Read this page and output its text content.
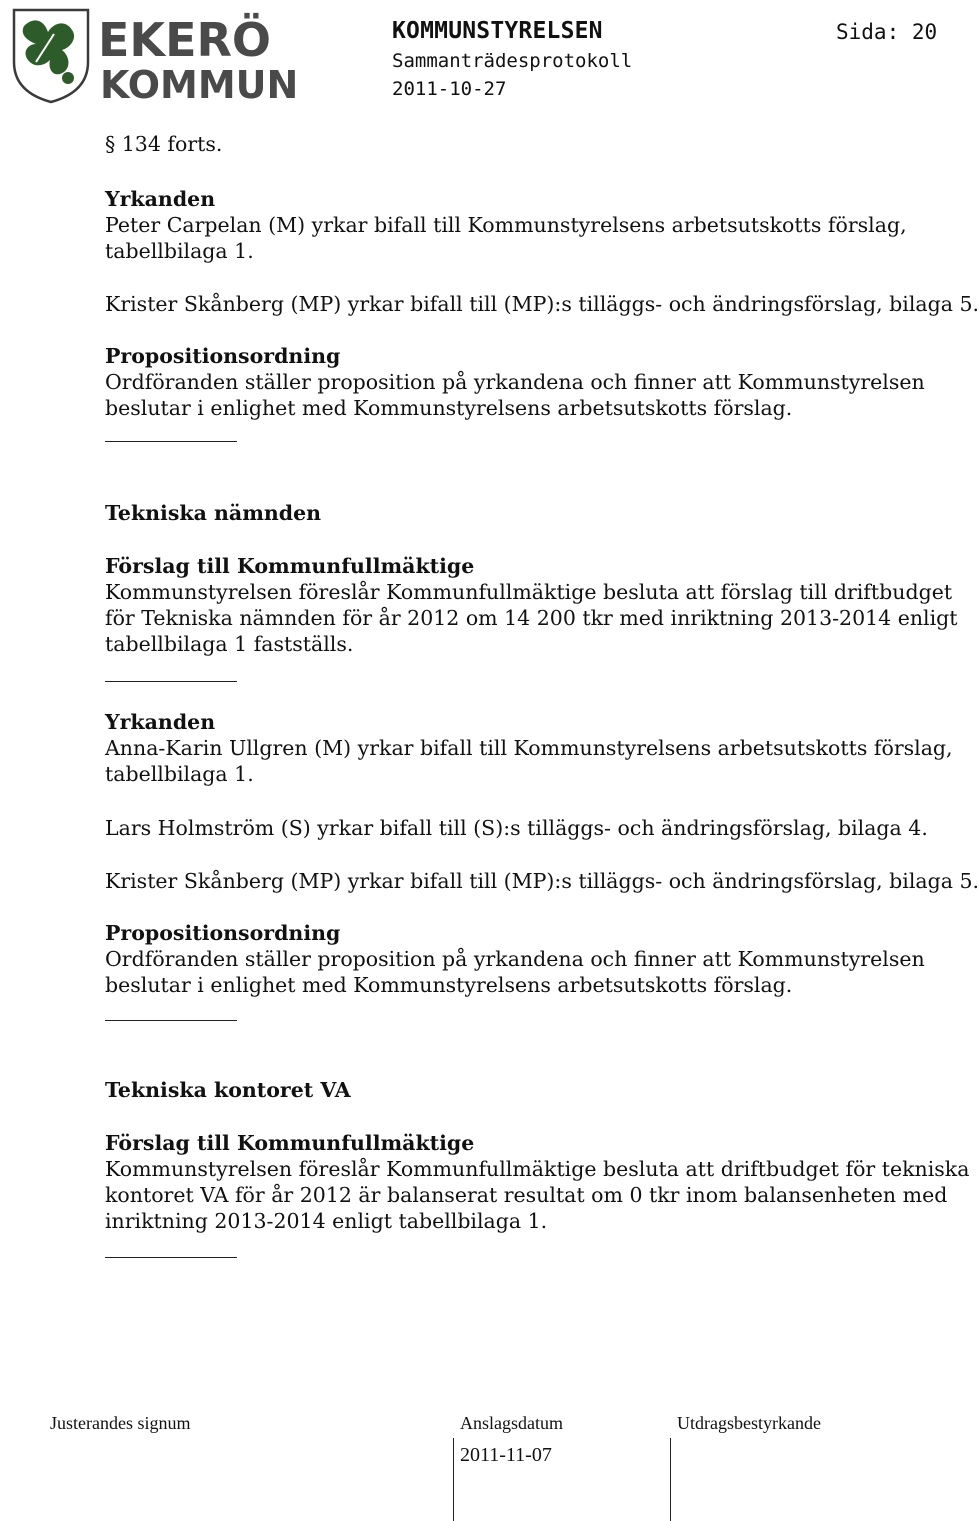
EKERÖ
KOMMUN
KOMMUNSTYRELSEN
Sammanträdesprotokoll
2011-10-27
Sida: 20
§ 134 forts.
Yrkanden
Peter Carpelan (M) yrkar bifall till Kommunstyrelsens arbetsutskotts förslag,
tabellbilaga 1.
Krister Skånberg (MP) yrkar bifall till (MP):s tilläggs- och ändringsförslag, bilaga 5.
Propositionsordning
Ordföranden ställer proposition på yrkandena och finner att Kommunstyrelsen
beslutar i enlighet med Kommunstyrelsens arbetsutskotts förslag.
Tekniska nämnden
Förslag till Kommunfullmäktige
Kommunstyrelsen föreslår Kommunfullmäktige besluta att förslag till driftbudget
för Tekniska nämnden för år 2012 om 14 200 tkr med inriktning 2013-2014 enligt
tabellbilaga 1 fastställs.
Yrkanden
Anna-Karin Ullgren (M) yrkar bifall till Kommunstyrelsens arbetsutskotts förslag,
tabellbilaga 1.
Lars Holmström (S) yrkar bifall till (S):s tilläggs- och ändringsförslag, bilaga 4.
Krister Skånberg (MP) yrkar bifall till (MP):s tilläggs- och ändringsförslag, bilaga 5.
Propositionsordning
Ordföranden ställer proposition på yrkandena och finner att Kommunstyrelsen
beslutar i enlighet med Kommunstyrelsens arbetsutskotts förslag.
Tekniska kontoret VA
Förslag till Kommunfullmäktige
Kommunstyrelsen föreslår Kommunfullmäktige besluta att driftbudget för tekniska
kontoret VA för år 2012 är balanserat resultat om 0 tkr inom balansenheten med
inriktning 2013-2014 enligt tabellbilaga 1.
Justerandes signum	Anslagsdatum	Utdragsbestyrkande
2011-11-07
